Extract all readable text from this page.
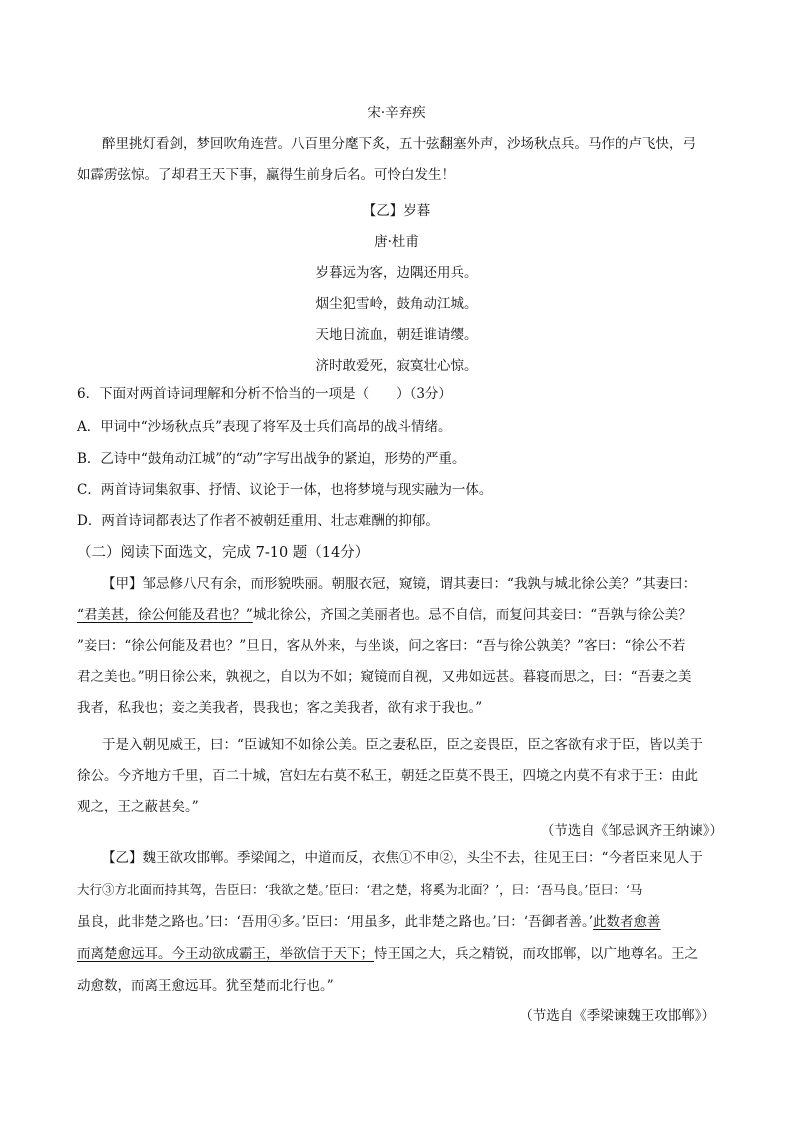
宋·辛弃疾
醉里挑灯看剑，梦回吹角连营。八百里分麾下炙，五十弦翻塞外声，沙场秋点兵。马作的卢飞快，弓
如霹雳弦惊。了却君王天下事，赢得生前身后名。可怜白发生！
【乙】岁暮
唐·杜甫
岁暮远为客，边隅还用兵。
烟尘犯雪岭，鼓角动江城。
天地日流血，朝廷谁请缨。
济时敢爱死，寂寞壮心惊。
6．下面对两首诗词理解和分析不恰当的一项是（　　）（3分）
A．甲词中“沙场秋点兵”表现了将军及士兵们高昂的战斗情绪。
B．乙诗中“鼓角动江城”的“动”字写出战争的紧迫，形势的严重。
C．两首诗词集叙事、抒情、议论于一体，也将梦境与现实融为一体。
D．两首诗词都表达了作者不被朝廷重用、壮志难酬的抑郁。
（二）阅读下面选文，完成 7-10 题（14分）
【甲】邹忌修八尺有余，而形貌昳丽。朝服衣冠，窥镜，谓其妻曰：“我孰与城北徐公美？”其妻曰：
“君美甚，徐公何能及君也？”城北徐公，齐国之美丽者也。忌不自信，而复问其妾曰：“吾孰与徐公美？
”妾曰：“徐公何能及君也？”旦日，客从外来，与坐谈，问之客曰：“吾与徐公孰美？”客曰：“徐公不若
君之美也。”明日徐公来，孰视之，自以为不如；窥镜而自视，又弗如远甚。暮寝而思之，曰：“吾妻之美
我者，私我也；妾之美我者，畏我也；客之美我者，欲有求于我也。”
于是入朝见威王，曰：“臣诚知不如徐公美。臣之妻私臣，臣之妾畏臣，臣之客欲有求于臣，皆以美于
徐公。今齐地方千里，百二十城，宫妇左右莫不私王，朝廷之臣莫不畏王，四境之内莫不有求于王：由此
观之，王之蔽甚矣。”
（节选自《邹忌讽齐王纳谏》）
【乙】魏王欲攻邯郸。季梁闻之，中道而反，衣焦①不申②，头尘不去，往见王曰：“今者臣来见人于
大行③方北面而持其驾，告臣曰：‘我欲之楚。’臣曰：‘君之楚，将奚为北面？’，曰：‘吾马良。’臣曰：‘马
虽良，此非楚之路也。’曰：‘吾用④多。’臣曰：‘用虽多，此非楚之路也。’曰：‘吾御者善。’此数者愈善
而离楚愈远耳。今王动欲成霸王，举欲信于天下；恃王国之大，兵之精锐，而攻邯郸，以广地尊名。王之
动愈数，而离王愈远耳。犹至楚而北行也。”
（节选自《季梁谏魏王攻邯郸》）
